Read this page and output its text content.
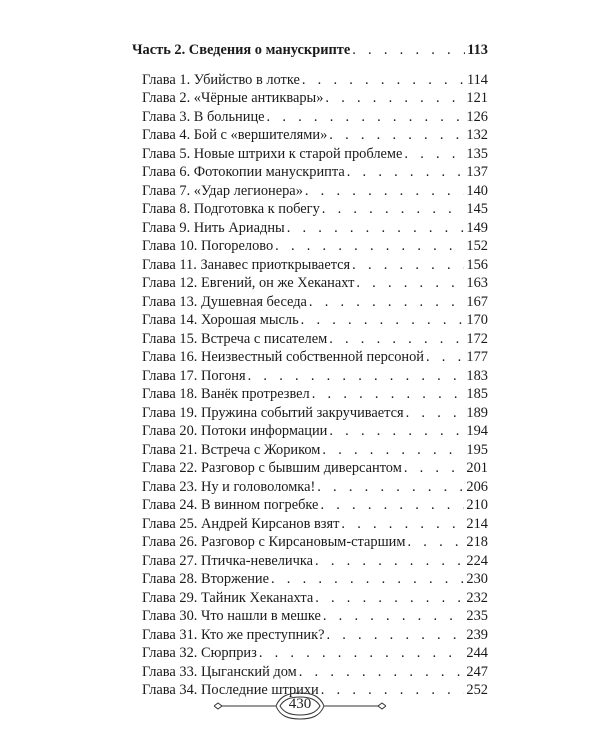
Часть 2. Сведения о манускрипте . . .	113
Глава 1. Убийство в лотке . . .	114
Глава 2. «Чёрные антиквары» . . .	121
Глава 3. В больнице . . .	126
Глава 4. Бой с «вершителями» . . .	132
Глава 5. Новые штрихи к старой проблеме . . .	135
Глава 6. Фотокопии манускрипта . . .	137
Глава 7. «Удар легионера» . . .	140
Глава 8. Подготовка к побегу . . .	145
Глава 9. Нить Ариадны . . .	149
Глава 10. Погорелово . . .	152
Глава 11. Занавес приоткрывается . . .	156
Глава 12. Евгений, он же Хеканахт . . .	163
Глава 13. Душевная беседа . . .	167
Глава 14. Хорошая мысль . . .	170
Глава 15. Встреча с писателем . . .	172
Глава 16. Неизвестный собственной персоной . . .	177
Глава 17. Погоня . . .	183
Глава 18. Ванёк протрезвел . . .	185
Глава 19. Пружина событий закручивается . . .	189
Глава 20. Потоки информации . . .	194
Глава 21. Встреча с Жориком . . .	195
Глава 22. Разговор с бывшим диверсантом . . .	201
Глава 23. Ну и головоломка! . . .	206
Глава 24. В винном погребке . . .	210
Глава 25. Андрей Кирсанов взят . . .	214
Глава 26. Разговор с Кирсановым-старшим . . .	218
Глава 27. Птичка-невеличка . . .	224
Глава 28. Вторжение . . .	230
Глава 29. Тайник Хеканахта . . .	232
Глава 30. Что нашли в мешке . . .	235
Глава 31. Кто же преступник? . . .	239
Глава 32. Сюрприз . . .	244
Глава 33. Цыганский дом . . .	247
Глава 34. Последние штрихи . . .	252
430
